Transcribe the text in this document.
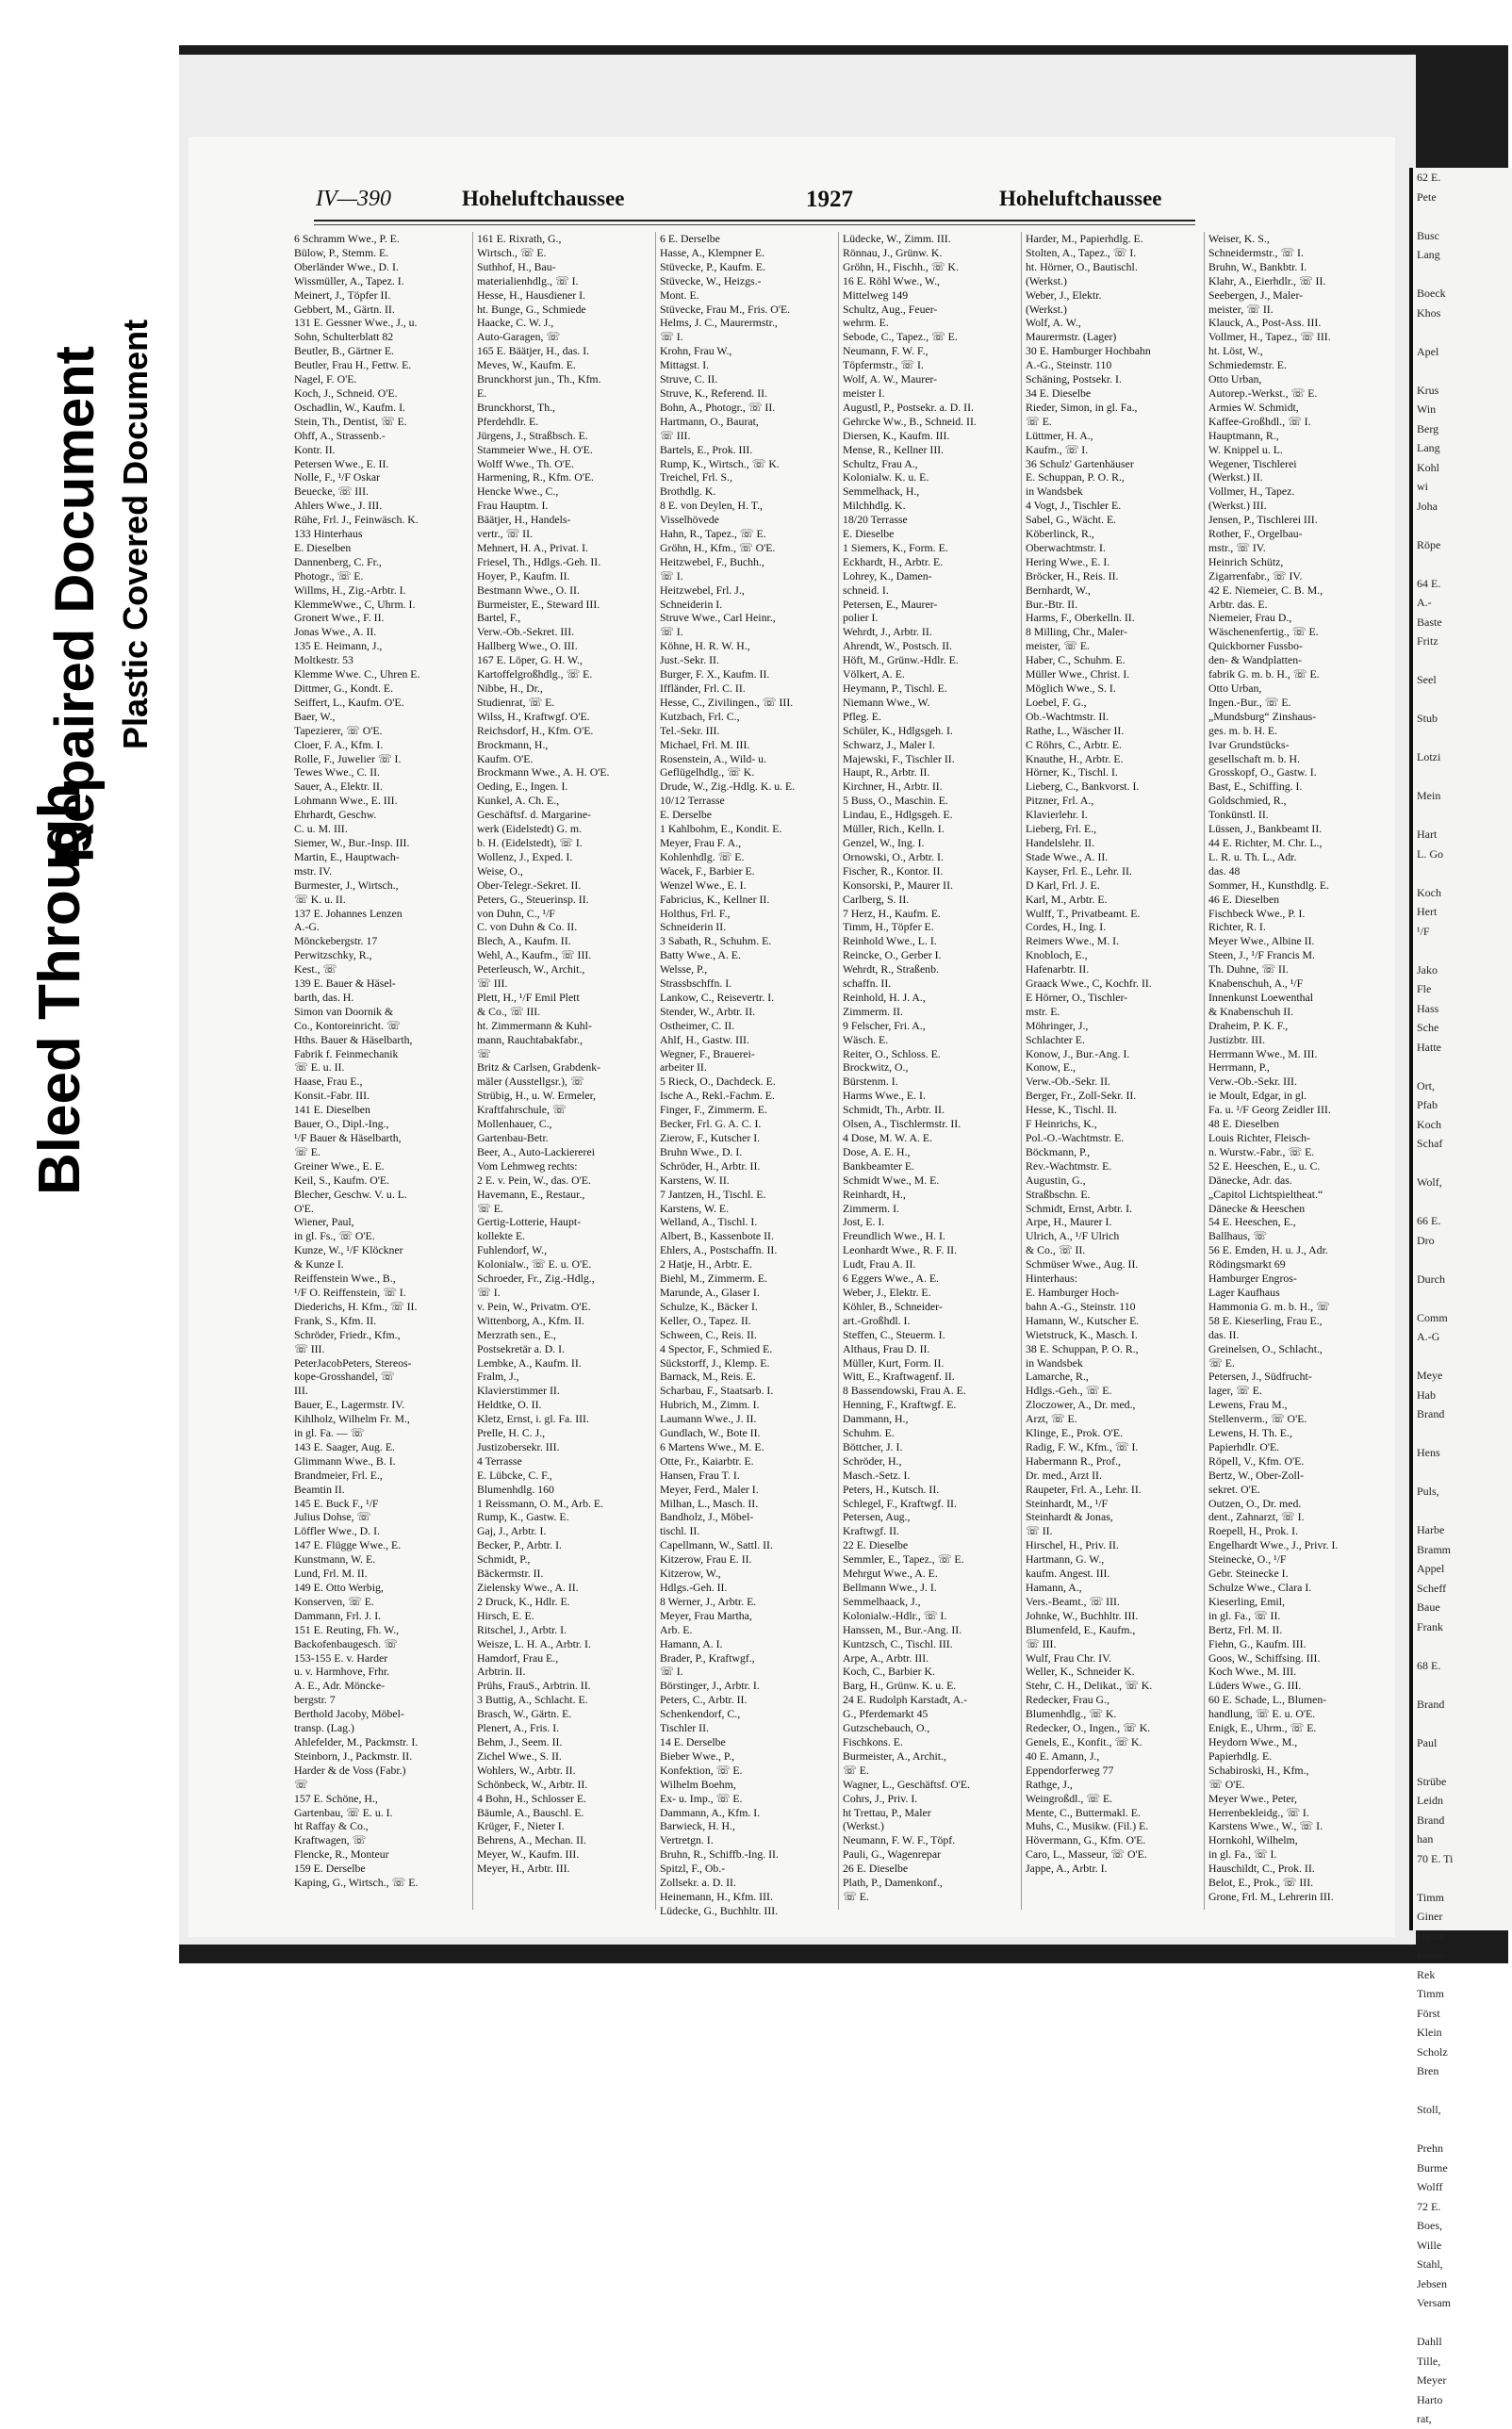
Bleed Through
Repaired Document Plastic Covered Document
62 E.
Pete

Busc
Lang

Boeck
Khos

Apel

Krus
Win
Berg
Lang
Kohl
wi
Joha

Röpe

64 E.
A.-
Baste
Fritz

Seel

Stub

Lotzi

Mein

Hart
L. Go

Koch
Hert
¹/F

Jako
Fle
Hass
Sche
Hatte

Ort,
Pfab
Koch
Schaf

Wolf,

66 E.
Dro

Durch

Comm
A.-G

Meye
Hab
Brand

Hens

Puls,

Harbe
Bramm
Appel
Scheff
Baue
Frank

68 E.

Brand

Paul

Strübe
Leidn
Brand
han
70 E. Ti

Timm
Giner
Hasse
Kraus
Rek
Timm
Först
Klein
Scholz
Bren

Stoll,

Prehn
Burme
Wolff
72 E.
Boes,
Wille
Stahl,
Jebsen
Versam

Dahll
Tille,
Meyer
Harto
rat,
IV—390	Hoheluftchaussee	1927	Hoheluftchaussee
6 Schramm Wwe., P. E.
Bülow, P., Stemm. E.
Oberländer Wwe., D. I.
Wissmüller, A., Tapez. I.
Meinert, J., Töpfer II.
Gebbert, M., Gärtn. II.
131 E. Gessner Wwe., J., u.
Sohn, Schulterblatt 82
Beutler, B., Gärtner E.
Beutler, Frau H., Fettw. E.
Nagel, F. O'E.
Koch, J., Schneid. O'E.
Oschadlin, W., Kaufm. I.
Stein, Th., Dentist, ☏ E.
Ohff, A., Strassenb.-
Kontr. II.
Petersen Wwe., E. II.
Nolle, F., ¹/F Oskar
Beuecke, ☏ III.
Ahlers Wwe., J. III.
Rühe, Frl. J., Feinwäsch. K.
133 Hinterhaus
E. Dieselben
Dannenberg, C. Fr.,
Photogr., ☏ E.
Willms, H., Zig.-Arbtr. I.
KlemmeWwe., C, Uhrm. I.
Gronert Wwe., F. II.
Jonas Wwe., A. II.
135 E. Heimann, J.,
Moltkestr. 53
Klemme Wwe. C., Uhren E.
Dittmer, G., Kondt. E.
Seiffert, L., Kaufm. O'E.
Baer, W.,
Tapezierer, ☏ O'E.
Cloer, F. A., Kfm. I.
Rolle, F., Juwelier ☏ I.
Tewes Wwe., C. II.
Sauer, A., Elektr. II.
Lohmann Wwe., E. III.
Ehrhardt, Geschw.
C. u. M. III.
Siemer, W., Bur.-Insp. III.
Martin, E., Hauptwach-
mstr. IV.
Burmester, J., Wirtsch.,
☏ K. u. II.
137 E. Johannes Lenzen
A.-G.
Mönckebergstr. 17
Perwitzschky, R.,
Kest., ☏
139 E. Bauer & Häsel-
barth, das. H.
Simon van Doornik &
Co., Kontoreinricht. ☏
Hths. Bauer & Häselbarth,
Fabrik f. Feinmechanik
☏ E. u. II.
Haase, Frau E.,
Konsit.-Fabr. III.
141 E. Dieselben
Bauer, O., Dipl.-Ing.,
¹/F Bauer & Häselbarth,
☏ E.
Greiner Wwe., E. E.
Keil, S., Kaufm. O'E.
Blecher, Geschw. V. u. L.
O'E.
Wiener, Paul,
in gl. Fs., ☏ O'E.
Kunze, W., ¹/F Klöckner
& Kunze I.
Reiffenstein Wwe., B.,
¹/F O. Reiffenstein, ☏ I.
Diederichs, H. Kfm., ☏ II.
Frank, S., Kfm. II.
Schröder, Friedr., Kfm.,
☏ III.
PeterJacobPeters, Stereos-
kope-Grosshandel, ☏
III.
Bauer, E., Lagermstr. IV.
Kihlholz, Wilhelm Fr. M.,
in gl. Fa. — ☏
143 E. Saager, Aug. E.
Glimmann Wwe., B. I.
Brandmeier, Frl. E.,
Beamtin II.
145 E. Buck F., ¹/F
Julius Dohse, ☏
Löffler Wwe., D. I.
147 E. Flügge Wwe., E.
Kunstmann, W. E.
Lund, Frl. M. II.
149 E. Otto Werbig,
Konserven, ☏ E.
Dammann, Frl. J. I.
151 E. Reuting, Fh. W.,
Backofenbaugesch. ☏
153-155 E. v. Harder
u. v. Harmhove, Frhr.
A. E., Adr. Möncke-
bergstr. 7
Berthold Jacoby, Möbel-
transp. (Lag.)
Ahlefelder, M., Packmstr. I.
Steinborn, J., Packmstr. II.
Harder & de Voss (Fabr.)
☏
157 E. Schöne, H.,
Gartenbau, ☏ E. u. I.
ht Raffay & Co.,
Kraftwagen, ☏
Flencke, R., Monteur
159 E. Derselbe
Kaping, G., Wirtsch., ☏ E.
161 E. Rixrath, G.,
Wirtsch., ☏ E.
Suthhof, H., Bau-
materialienhdlg., ☏ I.
Hesse, H., Hausdiener I.
ht. Bunge, G., Schmiede
Haacke, C. W. J.,
Auto-Garagen, ☏
165 E. Bäätjer, H., das. I.
Meves, W., Kaufm. E.
Brunckhorst jun., Th., Kfm.
E.
Brunckhorst, Th.,
Pferdehdlr. E.
Jürgens, J., Straßbsch. E.
Stammeier Wwe., H. O'E.
Wolff Wwe., Th. O'E.
Harmening, R., Kfm. O'E.
Hencke Wwe., C.,
Frau Hauptm. I.
Bäätjer, H., Handels-
vertr., ☏ II.
Mehnert, H. A., Privat. I.
Friesel, Th., Hdlgs.-Geh. II.
Hoyer, P., Kaufm. II.
Bestmann Wwe., O. II.
Burmeister, E., Steward III.
Bartel, F.,
Verw.-Ob.-Sekret. III.
Hallberg Wwe., O. III.
167 E. Löper, G. H. W.,
Kartoffelgroßhdlg., ☏ E.
Nibbe, H., Dr.,
Studienrat, ☏ E.
Wilss, H., Kraftwgf. O'E.
Reichsdorf, H., Kfm. O'E.
Brockmann, H.,
Kaufm. O'E.
Brockmann Wwe., A. H. O'E.
Oeding, E., Ingen. I.
Kunkel, A. Ch. E.,
Geschäftsf. d. Margarine-
werk (Eidelstedt) G. m.
b. H. (Eidelstedt), ☏ I.
Wollenz, J., Exped. I.
Weise, O.,
Ober-Telegr.-Sekret. II.
Peters, G., Steuerinsp. II.
von Duhn, C., ¹/F
C. von Duhn & Co. II.
Blech, A., Kaufm. II.
Wehl, A., Kaufm., ☏ III.
Peterleusch, W., Archit.,
☏ III.
Plett, H., ¹/F Emil Plett
& Co., ☏ III.
ht. Zimmermann & Kuhl-
mann, Rauchtabakfabr.,
☏
Britz & Carlsen, Grabdenk-
mäler (Ausstellgsr.), ☏
Strübig, H., u. W. Ermeler,
Kraftfahrschule, ☏
Mollenhauer, C.,
Gartenbau-Betr.
Beer, A., Auto-Lackiererei
Vom Lehmweg rechts:
2 E. v. Pein, W., das. O'E.
Havemann, E., Restaur.,
☏ E.
Gertig-Lotterie, Haupt-
kollekte E.
Fuhlendorf, W.,
Kolonialw., ☏ E. u. O'E.
Schroeder, Fr., Zig.-Hdlg.,
☏ I.
v. Pein, W., Privatm. O'E.
Wittenborg, A., Kfm. II.
Merzrath sen., E.,
Postsekretär a. D. I.
Lembke, A., Kaufm. II.
Fralm, J.,
Klavierstimmer II.
Heldtke, O. II.
Kletz, Ernst, i. gl. Fa. III.
Prelle, H. C. J.,
Justizobersekr. III.
4 Terrasse
E. Lübcke, C. F.,
Blumenhdlg. 160
1 Reissmann, O. M., Arb. E.
Rump, K., Gastw. E.
Gaj, J., Arbtr. I.
Becker, P., Arbtr. I.
Schmidt, P.,
Bäckermstr. II.
Zielensky Wwe., A. II.
2 Druck, K., Hdlr. E.
Hirsch, E. E.
Ritschel, J., Arbtr. I.
Weisze, L. H. A., Arbtr. I.
Hamdorf, Frau E.,
Arbtrin. II.
Prühs, FrauS., Arbtrin. II.
3 Buttig, A., Schlacht. E.
Brasch, W., Gärtn. E.
Plenert, A., Fris. I.
Behm, J., Seem. II.
Zichel Wwe., S. II.
Wohlers, W., Arbtr. II.
Schönbeck, W., Arbtr. II.
4 Bohn, H., Schlosser E.
Bäumle, A., Bauschl. E.
Krüger, F., Nieter I.
Behrens, A., Mechan. II.
Meyer, W., Kaufm. III.
Meyer, H., Arbtr. III.
6 E. Derselbe
Hasse, A., Klempner E.
Stüvecke, P., Kaufm. E.
Stüvecke, W., Heizgs.-
Mont. E.
Stüvecke, Frau M., Fris. O'E.
Helms, J. C., Maurermstr.,
☏ I.
Krohn, Frau W.,
Mittagst. I.
Struve, C. II.
Struve, K., Referend. II.
Bohn, A., Photogr., ☏ II.
Hartmann, O., Baurat,
☏ III.
Bartels, E., Prok. III.
Rump, K., Wirtsch., ☏ K.
Treichel, Frl. S.,
Brothdlg. K.
8 E. von Deylen, H. T.,
Visselhövede
Hahn, R., Tapez., ☏ E.
Gröhn, H., Kfm., ☏ O'E.
Heitzwebel, F., Buchh.,
☏ I.
Heitzwebel, Frl. J.,
Schneiderin I.
Struve Wwe., Carl Heinr.,
☏ I.
Köhne, H. R. W. H.,
Just.-Sekr. II.
Burger, F. X., Kaufm. II.
Iffländer, Frl. C. II.
Hesse, C., Zivilingen., ☏ III.
Kutzbach, Frl. C.,
Tel.-Sekr. III.
Michael, Frl. M. III.
Rosenstein, A., Wild- u.
Geflügelhdlg., ☏ K.
Drude, W., Zig.-Hdlg. K. u. E.
10/12 Terrasse
E. Derselbe
1 Kahlbohm, E., Kondit. E.
Meyer, Frau F. A.,
Kohlenhdlg. ☏ E.
Wacek, F., Barbier E.
Wenzel Wwe., E. I.
Fabricius, K., Kellner II.
Holthus, Frl. F.,
Schneiderin II.
3 Sabath, R., Schuhm. E.
Batty Wwe., A. E.
Welsse, P.,
Strassbschffn. I.
Lankow, C., Reisevertr. I.
Stender, W., Arbtr. II.
Ostheimer, C. II.
Ahlf, H., Gastw. III.
Wegner, F., Brauerei-
arbeiter II.
5 Rieck, O., Dachdeck. E.
Ische A., Rekl.-Fachm. E.
Finger, F., Zimmerm. E.
Becker, Frl. G. A. C. I.
Zierow, F., Kutscher I.
Bruhn Wwe., D. I.
Schröder, H., Arbtr. II.
Karstens, W. II.
7 Jantzen, H., Tischl. E.
Karstens, W. E.
Welland, A., Tischl. I.
Albert, B., Kassenbote II.
Ehlers, A., Postschaffn. II.
2 Hatje, H., Arbtr. E.
Biehl, M., Zimmerm. E.
Marunde, A., Glaser I.
Schulze, K., Bäcker I.
Keller, O., Tapez. II.
Schween, C., Reis. II.
4 Spector, F., Schmied E.
Sückstorff, J., Klemp. E.
Barnack, M., Reis. E.
Scharbau, F., Staatsarb. I.
Hubrich, M., Zimm. I.
Laumann Wwe., J. II.
Gundlach, W., Bote II.
6 Martens Wwe., M. E.
Otte, Fr., Kaiarbtr. E.
Hansen, Frau T. I.
Meyer, Ferd., Maler I.
Milhan, L., Masch. II.
Bandholz, J., Möbel-
tischl. II.
Capellmann, W., Sattl. II.
Kitzerow, Frau E. II.
Kitzerow, W.,
Hdlgs.-Geh. II.
8 Werner, J., Arbtr. E.
Meyer, Frau Martha,
Arb. E.
Hamann, A. I.
Brader, P., Kraftwgf.,
☏ I.
Börstinger, J., Arbtr. I.
Peters, C., Arbtr. II.
Schenkendorf, C.,
Tischler II.
14 E. Derselbe
Bieber Wwe., P.,
Konfektion, ☏ E.
Wilhelm Boehm,
Ex- u. Imp., ☏ E.
Dammann, A., Kfm. I.
Barwieck, H. H.,
Vertretgn. I.
Bruhn, R., Schiffb.-Ing. II.
Spitzl, F., Ob.-
Zollsekr. a. D. II.
Heinemann, H., Kfm. III.
Lüdecke, G., Buchhltr. III.
Lüdecke, W., Zimm. III.
Rönnau, J., Grünw. K.
Gröhn, H., Fischh., ☏ K.
16 E. Röhl Wwe., W.,
Mittelweg 149
Schultz, Aug., Feuer-
wehrm. E.
Sebode, C., Tapez., ☏ E.
Neumann, F. W. F.,
Töpfermstr., ☏ I.
Wolf, A. W., Maurer-
meister I.
Augustl, P., Postsekr. a. D. II.
Gehrcke Ww., B., Schneid. II.
Diersen, K., Kaufm. III.
Mense, R., Kellner III.
Schultz, Frau A.,
Kolonialw. K. u. E.
Semmelhack, H.,
Milchhdlg. K.
18/20 Terrasse
E. Dieselbe
1 Siemers, K., Form. E.
Eckhardt, H., Arbtr. E.
Lohrey, K., Damen-
schneid. I.
Petersen, E., Maurer-
polier I.
Wehrdt, J., Arbtr. II.
Ahrendt, W., Postsch. II.
Höft, M., Grünw.-Hdlr. E.
Völkert, A. E.
Heymann, P., Tischl. E.
Niemann Wwe., W.
Pfleg. E.
Schüler, K., Hdlgsgeh. I.
Schwarz, J., Maler I.
Majewski, F., Tischler II.
Haupt, R., Arbtr. II.
Kirchner, H., Arbtr. II.
5 Buss, O., Maschin. E.
Lindau, E., Hdlgsgeh. E.
Müller, Rich., Kelln. I.
Genzel, W., Ing. I.
Ornowski, O., Arbtr. I.
Fischer, R., Kontor. II.
Konsorski, P., Maurer II.
Carlberg, S. II.
7 Herz, H., Kaufm. E.
Timm, H., Töpfer E.
Reinhold Wwe., L. I.
Reincke, O., Gerber I.
Wehrdt, R., Straßenb.
schaffn. II.
Reinhold, H. J. A.,
Zimmerm. II.
9 Felscher, Fri. A.,
Wäsch. E.
Reiter, O., Schloss. E.
Brockwitz, O.,
Bürstenm. I.
Harms Wwe., E. I.
Schmidt, Th., Arbtr. II.
Olsen, A., Tischlermstr. II.
4 Dose, M. W. A. E.
Dose, A. E. H.,
Bankbeamter E.
Schmidt Wwe., M. E.
Reinhardt, H.,
Zimmerm. I.
Jost, E. I.
Freundlich Wwe., H. I.
Leonhardt Wwe., R. F. II.
Ludt, Frau A. II.
6 Eggers Wwe., A. E.
Weber, J., Elektr. E.
Köhler, B., Schneider-
art.-Großhdl. I.
Steffen, C., Steuerm. I.
Althaus, Frau D. II.
Müller, Kurt, Form. II.
Witt, E., Kraftwagenf. II.
8 Bassendowski, Frau A. E.
Henning, F., Kraftwgf. E.
Dammann, H.,
Schuhm. E.
Böttcher, J. I.
Schröder, H.,
Masch.-Setz. I.
Peters, H., Kutsch. II.
Schlegel, F., Kraftwgf. II.
Petersen, Aug.,
Kraftwgf. II.
22 E. Dieselbe
Semmler, E., Tapez., ☏ E.
Mehrgut Wwe., A. E.
Bellmann Wwe., J. I.
Semmelhaack, J.,
Kolonialw.-Hdlr., ☏ I.
Hanssen, M., Bur.-Ang. II.
Kuntzsch, C., Tischl. III.
Arpe, A., Arbtr. III.
Koch, C., Barbier K.
Barg, H., Grünw. K. u. E.
24 E. Rudolph Karstadt, A.-
G., Pferdemarkt 45
Gutzschebauch, O.,
Fischkons. E.
Burmeister, A., Archit.,
☏ E.
Wagner, L., Geschäftsf. O'E.
Cohrs, J., Priv. I.
ht Trettau, P., Maler
(Werkst.)
Neumann, F. W. F., Töpf.
Pauli, G., Wagenrepar
26 E. Dieselbe
Plath, P., Damenkonf.,
☏ E.
Harder, M., Papierhdlg. E.
Stolten, A., Tapez., ☏ I.
ht. Hörner, O., Bautischl.
(Werkst.)
Weber, J., Elektr.
(Werkst.)
Wolf, A. W.,
Maurermstr. (Lager)
30 E. Hamburger Hochbahn
A.-G., Steinstr. 110
Schäning, Postsekr. I.
34 E. Dieselbe
Rieder, Simon, in gl. Fa.,
☏ E.
Lüttmer, H. A.,
Kaufm., ☏ I.
36 Schulz' Gartenhäuser
E. Schuppan, P. O. R.,
in Wandsbek
4 Vogt, J., Tischler E.
Sabel, G., Wächt. E.
Köberlinck, R.,
Oberwachtmstr. I.
Hering Wwe., E. I.
Bröcker, H., Reis. II.
Bernhardt, W.,
Bur.-Btr. II.
Harms, F., Oberkelln. II.
8 Milling, Chr., Maler-
meister, ☏ E.
Haber, C., Schuhm. E.
Müller Wwe., Christ. I.
Möglich Wwe., S. I.
Loebel, F. G.,
Ob.-Wachtmstr. II.
Rathe, L., Wäscher II.
C Röhrs, C., Arbtr. E.
Knauthe, H., Arbtr. E.
Hörner, K., Tischl. I.
Lieberg, C., Bankvorst. I.
Pitzner, Frl. A.,
Klavierlehr. I.
Lieberg, Frl. E.,
Handelslehr. II.
Stade Wwe., A. II.
Kayser, Frl. E., Lehr. II.
D Karl, Frl. J. E.
Karl, M., Arbtr. E.
Wulff, T., Privatbeamt. E.
Cordes, H., Ing. I.
Reimers Wwe., M. I.
Knobloch, E.,
Hafenarbtr. II.
Graack Wwe., C, Kochfr. II.
E Hörner, O., Tischler-
mstr. E.
Möhringer, J.,
Schlachter E.
Konow, J., Bur.-Ang. I.
Konow, E.,
Verw.-Ob.-Sekr. II.
Berger, Fr., Zoll-Sekr. II.
Hesse, K., Tischl. II.
F Heinrichs, K.,
Pol.-O.-Wachtmstr. E.
Böckmann, P.,
Rev.-Wachtmstr. E.
Augustin, G.,
Straßbschn. E.
Schmidt, Ernst, Arbtr. I.
Arpe, H., Maurer I.
Ulrich, A., ¹/F Ulrich
& Co., ☏ II.
Schmüser Wwe., Aug. II.
Hinterhaus:
E. Hamburger Hoch-
bahn A.-G., Steinstr. 110
Hamann, W., Kutscher E.
Wietstruck, K., Masch. I.
38 E. Schuppan, P. O. R.,
in Wandsbek
Lamarche, R.,
Hdlgs.-Geh., ☏ E.
Zloczower, A., Dr. med.,
Arzt, ☏ E.
Klinge, E., Prok. O'E.
Radig, F. W., Kfm., ☏ I.
Habermann R., Prof.,
Dr. med., Arzt II.
Raupeter, Frl. A., Lehr. II.
Steinhardt, M., ¹/F
Steinhardt & Jonas,
☏ II.
Hirschel, H., Priv. II.
Hartmann, G. W.,
kaufm. Angest. III.
Hamann, A.,
Vers.-Beamt., ☏ III.
Johnke, W., Buchhltr. III.
Blumenfeld, E., Kaufm.,
☏ III.
Wulf, Frau Chr. IV.
Weller, K., Schneider K.
Stehr, C. H., Delikat., ☏ K.
Redecker, Frau G.,
Blumenhdlg., ☏ K.
Redecker, O., Ingen., ☏ K.
Genels, E., Konfit., ☏ K.
40 E. Amann, J.,
Eppendorferweg 77
Rathge, J.,
Weingroßdl., ☏ E.
Mente, C., Buttermakl. E.
Muhs, C., Musikw. (Fil.) E.
Hövermann, G., Kfm. O'E.
Caro, L., Masseur, ☏ O'E.
Jappe, A., Arbtr. I.
Weiser, K. S.,
Schneidermstr., ☏ I.
Bruhn, W., Bankbtr. I.
Klahr, A., Eierhdlr., ☏ II.
Seebergen, J., Maler-
meister, ☏ II.
Klauck, A., Post-Ass. III.
Vollmer, H., Tapez., ☏ III.
ht. Löst, W.,
Schmiedemstr. E.
Otto Urban,
Autorep.-Werkst., ☏ E.
Armies W. Schmidt,
Kaffee-Großhdl., ☏ I.
Hauptmann, R.,
W. Knippel u. L.
Wegener, Tischlerei
(Werkst.) II.
Vollmer, H., Tapez.
(Werkst.) III.
Jensen, P., Tischlerei III.
Rother, F., Orgelbau-
mstr., ☏ IV.
Heinrich Schütz,
Zigarrenfabr., ☏ IV.
42 E. Niemeier, C. B. M.,
Arbtr. das. E.
Niemeier, Frau D.,
Wäschenenfertig., ☏ E.
Quickborner Fussbo-
den- & Wandplatten-
fabrik G. m. b. H., ☏ E.
Otto Urban,
Ingen.-Bur., ☏ E.
„Mundsburg“ Zinshaus-
ges. m. b. H. E.
Ivar Grundstücks-
gesellschaft m. b. H.
Grosskopf, O., Gastw. I.
Bast, E., Schiffing. I.
Goldschmied, R.,
Tonkünstl. II.
Lüssen, J., Bankbeamt II.
44 E. Richter, M. Chr. L.,
L. R. u. Th. L., Adr.
das. 48
Sommer, H., Kunsthdlg. E.
46 E. Dieselben
Fischbeck Wwe., P. I.
Richter, R. I.
Meyer Wwe., Albine II.
Steen, J., ¹/F Francis M.
Th. Duhne, ☏ II.
Knabenschuh, A., ¹/F
Innenkunst Loewenthal
& Knabenschuh II.
Draheim, P. K. F.,
Justizbtr. III.
Herrmann Wwe., M. III.
Herrmann, P.,
Verw.-Ob.-Sekr. III.
ie Moult, Edgar, in gl.
Fa. u. ¹/F Georg Zeidler III.
48 E. Dieselben
Louis Richter, Fleisch-
n. Wurstw.-Fabr., ☏ E.
52 E. Heeschen, E., u. C.
Dänecke, Adr. das.
„Capitol Lichtspieltheat.“
Dänecke & Heeschen
54 E. Heeschen, E.,
Ballhaus, ☏
56 E. Emden, H. u. J., Adr.
Rödingsmarkt 69
Hamburger Engros-
Lager Kaufhaus
Hammonia G. m. b. H., ☏
58 E. Kieserling, Frau E.,
das. II.
Greinelsen, O., Schlacht.,
☏ E.
Petersen, J., Südfrucht-
lager, ☏ E.
Lewens, Frau M.,
Stellenverm., ☏ O'E.
Lewens, H. Th. E.,
Papierhdlr. O'E.
Röpell, V., Kfm. O'E.
Bertz, W., Ober-Zoll-
sekret. O'E.
Outzen, O., Dr. med.
dent., Zahnarzt, ☏ I.
Roepell, H., Prok. I.
Engelhardt Wwe., J., Privr. I.
Steinecke, O., ¹/F
Gebr. Steinecke I.
Schulze Wwe., Clara I.
Kieserling, Emil,
in gl. Fa., ☏ II.
Bertz, Frl. M. II.
Fiehn, G., Kaufm. III.
Goos, W., Schiffsing. III.
Koch Wwe., M. III.
Lüders Wwe., G. III.
60 E. Schade, L., Blumen-
handlung, ☏ E. u. O'E.
Enigk, E., Uhrm., ☏ E.
Heydorn Wwe., M.,
Papierhdlg. E.
Schabiroski, H., Kfm.,
☏ O'E.
Meyer Wwe., Peter,
Herrenbekleidg., ☏ I.
Karstens Wwe., W., ☏ I.
Hornkohl, Wilhelm,
in gl. Fa., ☏ I.
Hauschildt, C., Prok. II.
Belot, E., Prok., ☏ III.
Grone, Frl. M., Lehrerin III.
